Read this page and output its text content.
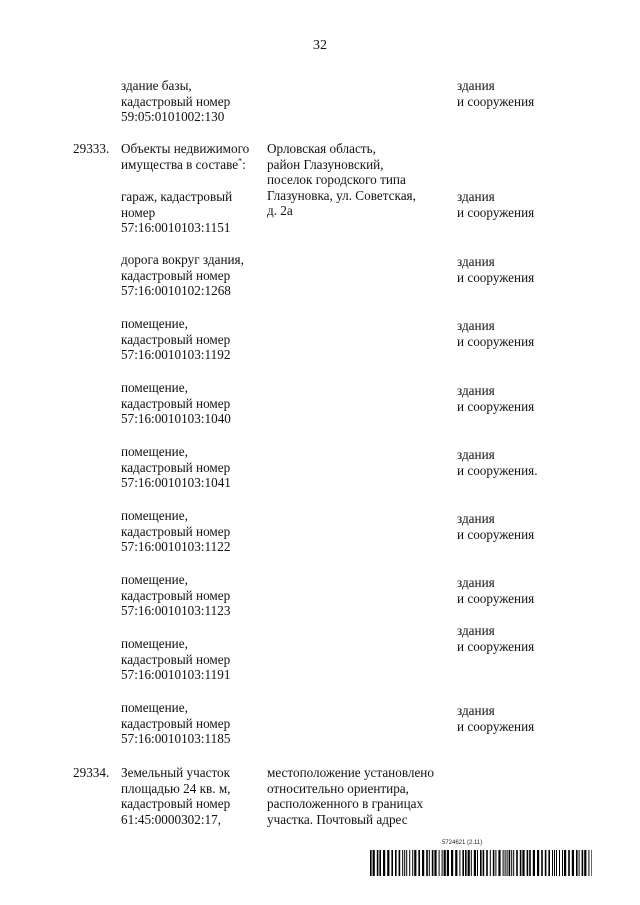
32
здание базы,
кадастровый номер
59:05:0101002:130
здания
и сооружения
29333. Объекты недвижимого
имущества в составе*:
Орловская область,
район Глазуновский,
поселок городского типа
Глазуновка, ул. Советская,
д. 2а
гараж, кадастровый
номер
57:16:0010103:1151
здания
и сооружения
дорога вокруг здания,
кадастровый номер
57:16:0010102:1268
здания
и сооружения
помещение,
кадастровый номер
57:16:0010103:1192
здания
и сооружения
помещение,
кадастровый номер
57:16:0010103:1040
здания
и сооружения
помещение,
кадастровый номер
57:16:0010103:1041
здания
и сооружения.
помещение,
кадастровый номер
57:16:0010103:1122
здания
и сооружения
помещение,
кадастровый номер
57:16:0010103:1123
здания
и сооружения
помещение,
кадастровый номер
57:16:0010103:1191
здания
и сооружения
помещение,
кадастровый номер
57:16:0010103:1185
здания
и сооружения
29334. Земельный участок
площадью 24 кв. м,
кадастровый номер
61:45:0000302:17,
местоположение установлено
относительно ориентира,
расположенного в границах
участка. Почтовый адрес
5724621 (2.11)
